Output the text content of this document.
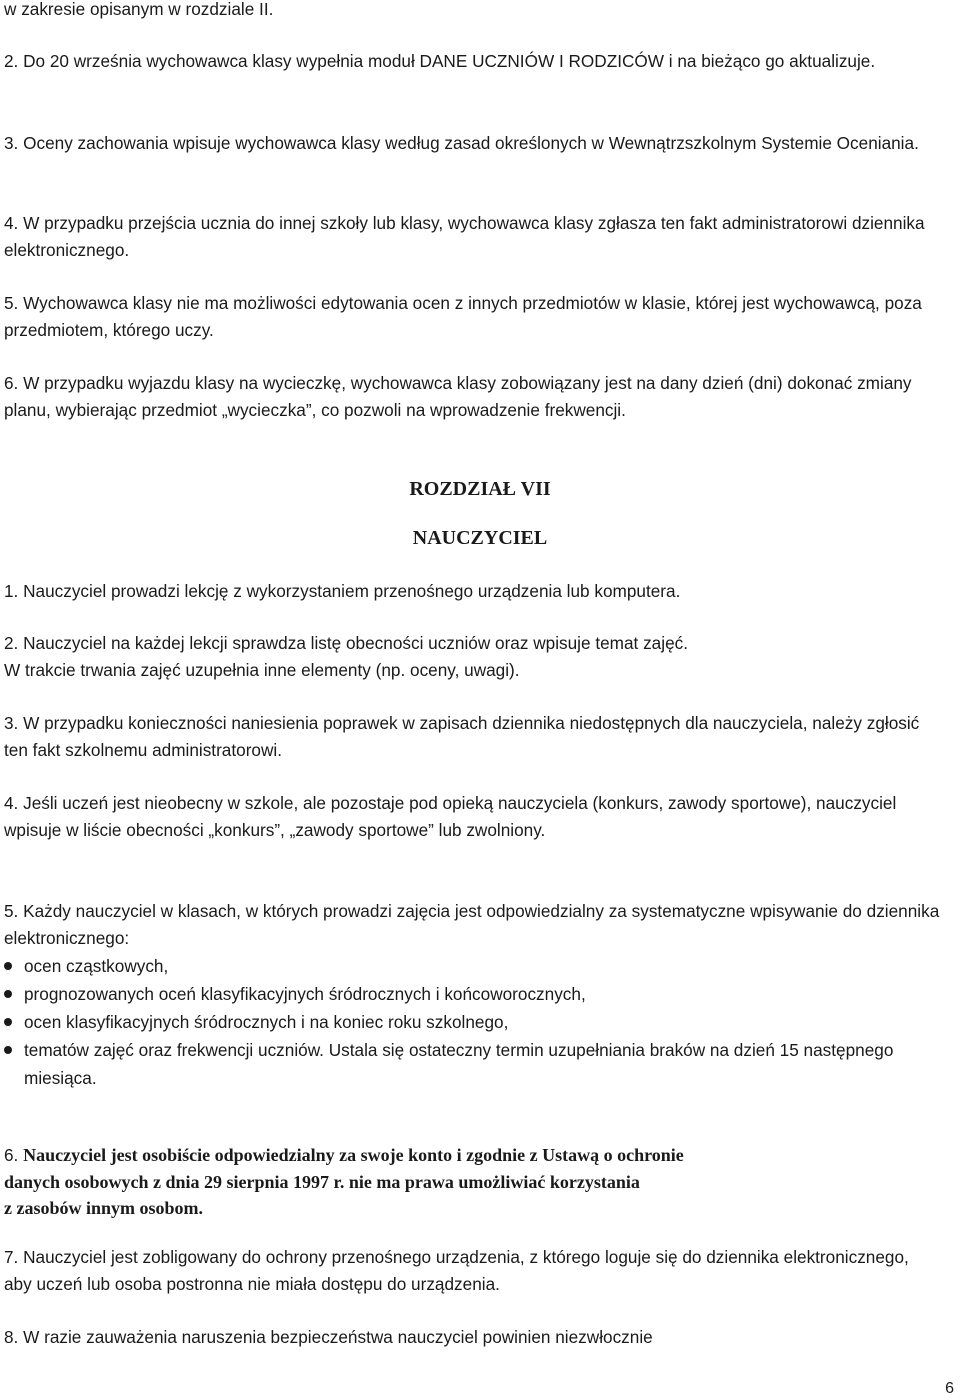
w zakresie opisanym w rozdziale II.

2. Do 20 września wychowawca klasy wypełnia moduł DANE UCZNIÓW I RODZICÓW i na bieżąco go aktualizuje.

3. Oceny zachowania wpisuje wychowawca klasy według zasad określonych w Wewnątrzszkolnym Systemie Oceniania.

4. W przypadku przejścia ucznia do innej szkoły lub klasy, wychowawca klasy zgłasza ten fakt administratorowi dziennika elektronicznego.

5. Wychowawca klasy nie ma możliwości edytowania ocen z innych przedmiotów w klasie, której jest wychowawcą, poza przedmiotem, którego uczy.

6. W przypadku wyjazdu klasy na wycieczkę, wychowawca klasy zobowiązany jest na dany dzień (dni) dokonać zmiany planu, wybierając przedmiot „wycieczka”, co pozwoli na wprowadzenie frekwencji.

ROZDZIAŁ VII
NAUCZYCIEL

1. Nauczyciel prowadzi lekcję z wykorzystaniem przenośnego urządzenia lub komputera.

2. Nauczyciel na każdej lekcji sprawdza listę obecności uczniów oraz wpisuje temat zajęć.
W trakcie trwania zajęć uzupełnia inne elementy (np. oceny, uwagi).

3. W przypadku konieczności naniesienia poprawek w zapisach dziennika niedostępnych dla nauczyciela, należy zgłosić ten fakt szkolnemu administratorowi.

4. Jeśli uczeń jest nieobecny w szkole, ale pozostaje pod opieką nauczyciela (konkurs, zawody sportowe), nauczyciel wpisuje w liście obecności „konkurs”, „zawody sportowe” lub zwolniony.

5. Każdy nauczyciel w klasach, w których prowadzi zajęcia jest odpowiedzialny za systematyczne wpisywanie do dziennika elektronicznego:

ocen cząstkowych,
prognozowanych oceń klasyfikacyjnych śródrocznych i końcoworocznych,
ocen klasyfikacyjnych śródrocznych i na koniec roku szkolnego,
tematów zajęć oraz frekwencji uczniów. Ustala się ostateczny termin uzupełniania braków na dzień 15 następnego miesiąca.
6. Nauczyciel jest osobiście odpowiedzialny za swoje konto i zgodnie z Ustawą o ochronie
danych osobowych z dnia 29 sierpnia 1997 r. nie ma prawa umożliwiać korzystania
z zasobów innym osobom.

7. Nauczyciel jest zobligowany do ochrony przenośnego urządzenia, z którego loguje się do dziennika elektronicznego, aby uczeń lub osoba postronna nie miała dostępu do urządzenia.

8. W razie zauważenia naruszenia bezpieczeństwa nauczyciel powinien niezwłocznie

6
